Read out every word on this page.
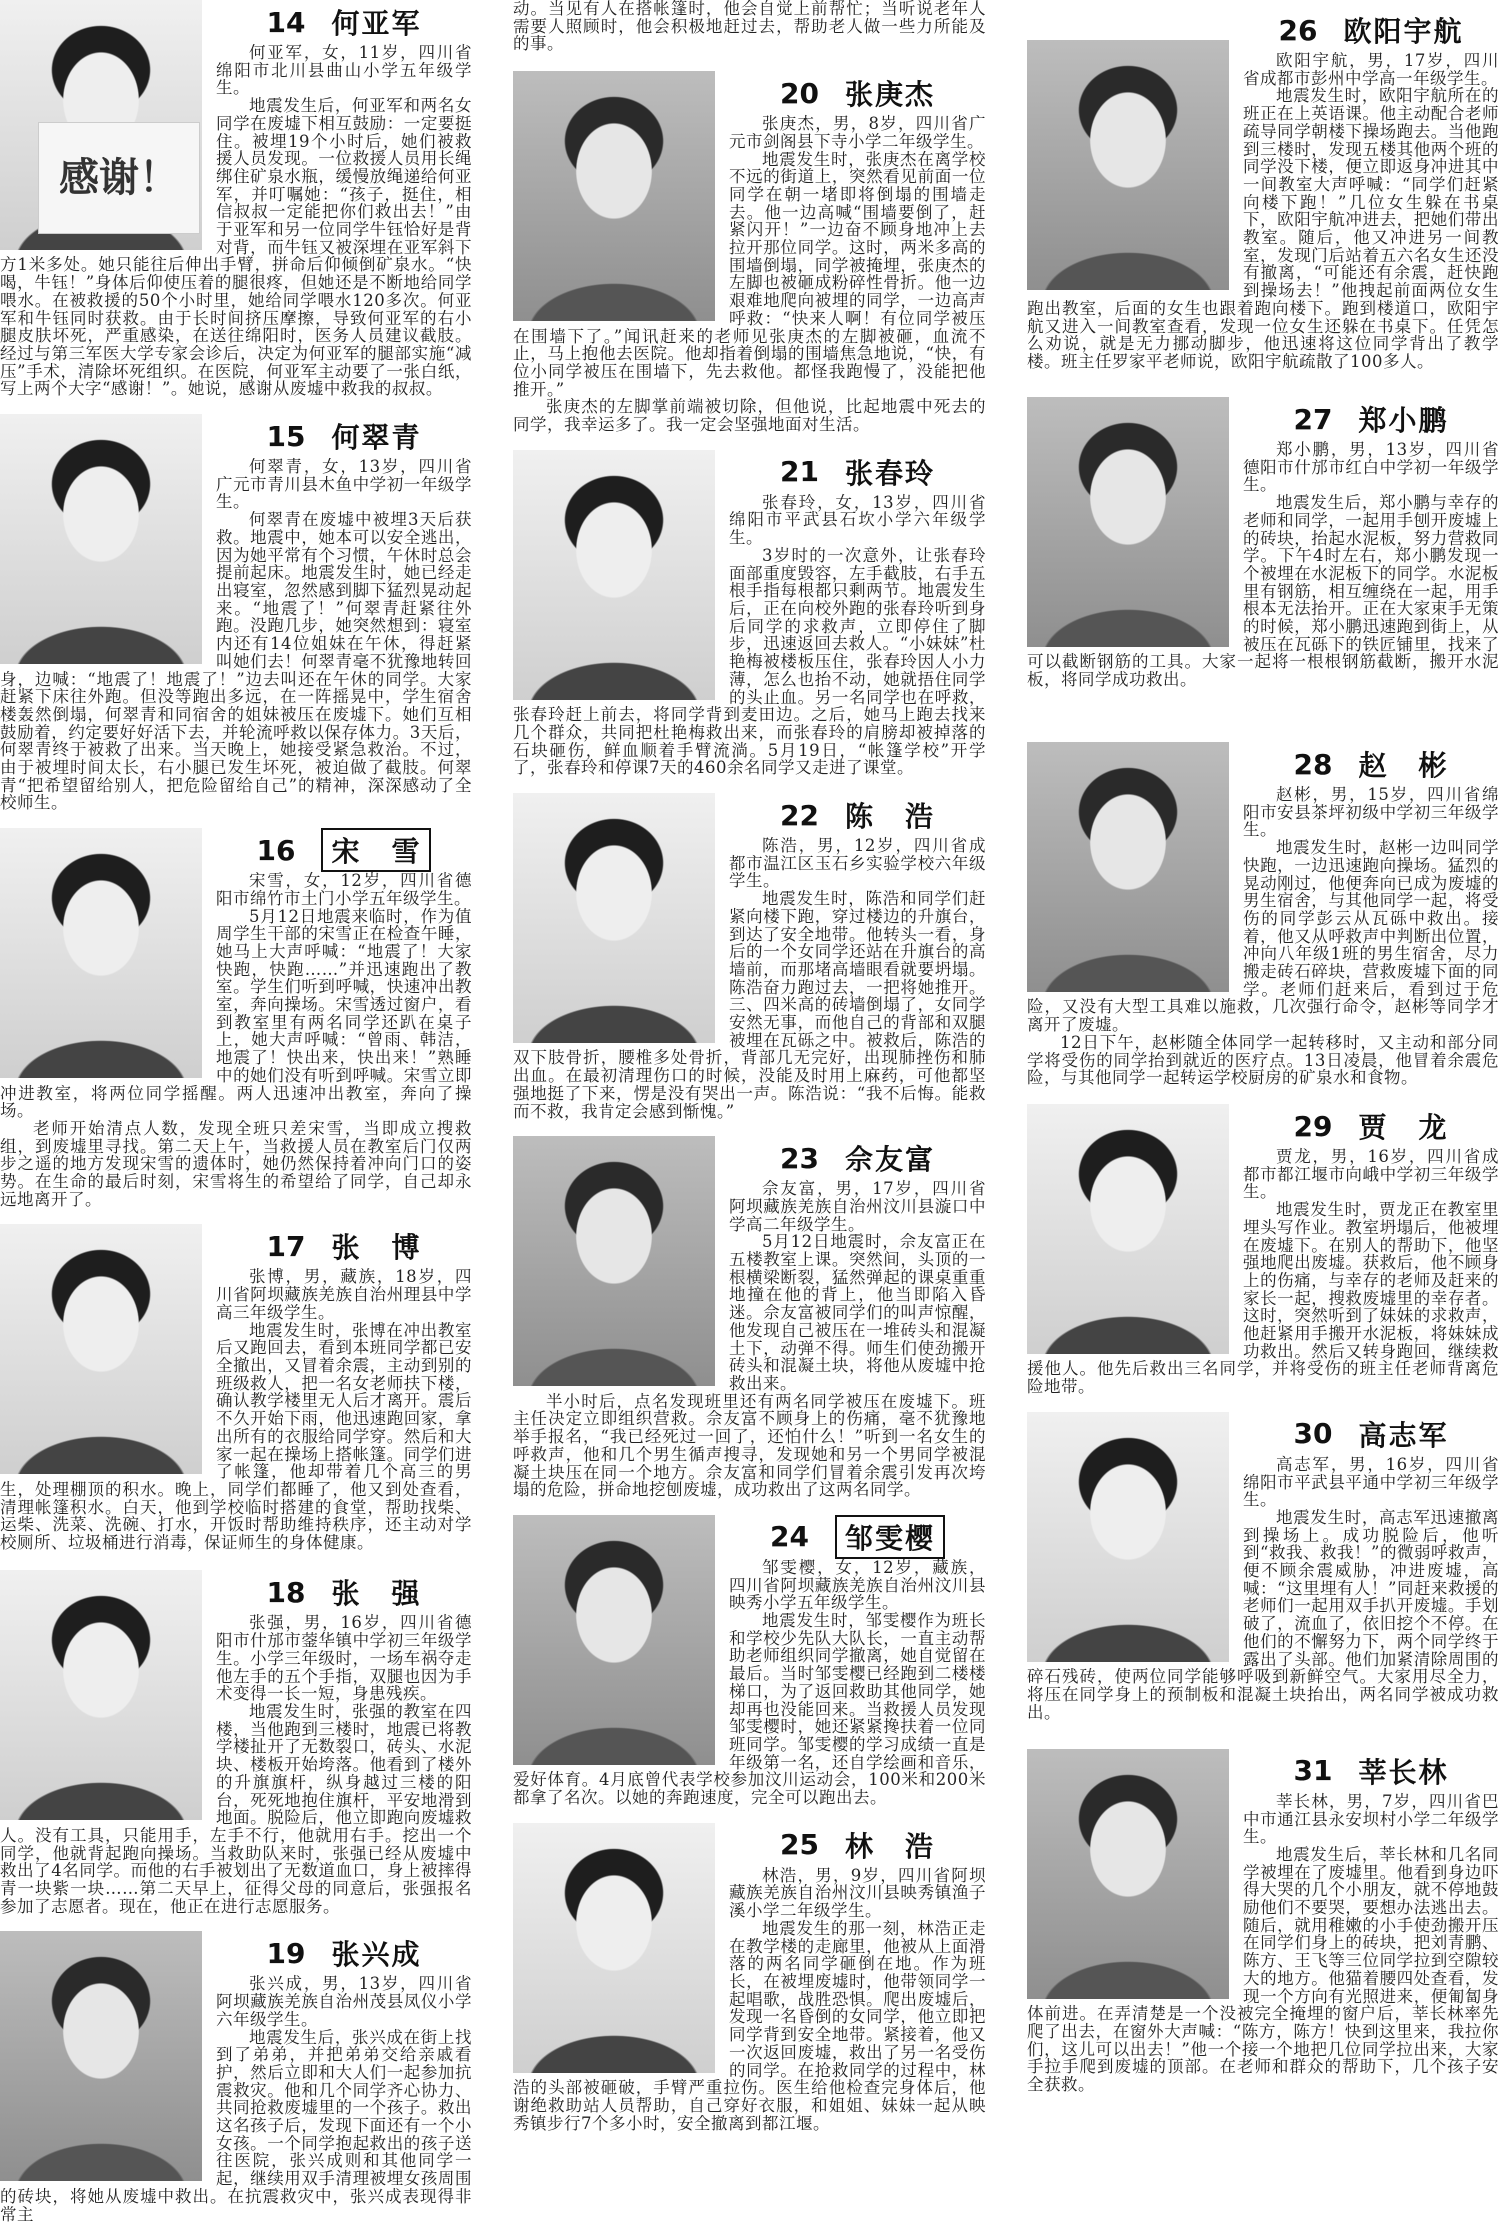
感谢！
14 何亚军

何亚军，女，11岁，四川省绵阳市北川县曲山小学五年级学生。

地震发生后，何亚军和两名女同学在废墟下相互鼓励：一定要挺住。被埋19个小时后，她们被救援人员发现。一位救援人员用长绳绑住矿泉水瓶，缓慢放绳递给何亚军，并叮嘱她：“孩子，挺住，相信叔叔一定能把你们救出去！”由于亚军和另一位同学牛钰恰好是背对背，而牛钰又被深埋在亚军斜下方1米多处。她只能往后伸出手臂，拼命后仰倾倒矿泉水。“快喝，牛钰！”身体后仰使压着的腿很疼，但她还是不断地给同学喂水。在被救援的50个小时里，她给同学喂水120多次。何亚军和牛钰同时获救。由于长时间挤压摩擦，导致何亚军的右小腿皮肤坏死，严重感染，在送往绵阳时，医务人员建议截肢。经过与第三军医大学专家会诊后，决定为何亚军的腿部实施“减压”手术，清除坏死组织。在医院，何亚军主动要了一张白纸，写上两个大字“感谢！”。她说，感谢从废墟中救我的叔叔。

15 何翠青

何翠青，女，13岁，四川省广元市青川县木鱼中学初一年级学生。

何翠青在废墟中被埋3天后获救。地震中，她本可以安全逃出，因为她平常有个习惯，午休时总会提前起床。地震发生时，她已经走出寝室，忽然感到脚下猛烈晃动起来。“地震了！”何翠青赶紧往外跑。没跑几步，她突然想到：寝室内还有14位姐妹在午休，得赶紧叫她们去！何翠青毫不犹豫地转回身，边喊：“地震了！地震了！”边去叫还在午休的同学。大家赶紧下床往外跑。但没等跑出多远，在一阵摇晃中，学生宿舍楼轰然倒塌，何翠青和同宿舍的姐妹被压在废墟下。她们互相鼓励着，约定要好好活下去，并轮流呼救以保存体力。3天后，何翠青终于被救了出来。当天晚上，她接受紧急救治。不过，由于被埋时间太长，右小腿已发生坏死，被迫做了截肢。何翠青“把希望留给别人，把危险留给自己”的精神，深深感动了全校师生。

16	宋　雪

宋雪，女，12岁，四川省德阳市绵竹市土门小学五年级学生。

5月12日地震来临时，作为值周学生干部的宋雪正在检查午睡，她马上大声呼喊：“地震了！大家快跑，快跑……”并迅速跑出了教室。学生们听到呼喊，快速冲出教室，奔向操场。宋雪透过窗户，看到教室里有两名同学还趴在桌子上，她大声呼喊：“曾雨、韩洁，地震了！快出来，快出来！”熟睡中的她们没有听到呼喊。宋雪立即冲进教室，将两位同学摇醒。两人迅速冲出教室，奔向了操场。

老师开始清点人数，发现全班只差宋雪，当即成立搜救组，到废墟里寻找。第二天上午，当救援人员在教室后门仅两步之遥的地方发现宋雪的遗体时，她仍然保持着冲向门口的姿势。在生命的最后时刻，宋雪将生的希望给了同学，自己却永远地离开了。

17 张　博

张博，男，藏族，18岁，四川省阿坝藏族羌族自治州理县中学高三年级学生。

地震发生时，张博在冲出教室后又跑回去，看到本班同学都已安全撤出，又冒着余震，主动到别的班级救人，把一名女老师扶下楼，确认教学楼里无人后才离开。震后不久开始下雨，他迅速跑回家，拿出所有的衣服给同学穿。然后和大家一起在操场上搭帐篷。同学们进了帐篷，他却带着几个高三的男生，处理棚顶的积水。晚上，同学们都睡了，他又到处查看，清理帐篷积水。白天，他到学校临时搭建的食堂，帮助找柴、运柴、洗菜、洗碗、打水，开饭时帮助维持秩序，还主动对学校厕所、垃圾桶进行消毒，保证师生的身体健康。

18 张　强

张强，男，16岁，四川省德阳市什邡市蓥华镇中学初三年级学生。小学三年级时，一场车祸夺走他左手的五个手指，双腿也因为手术变得一长一短，身患残疾。

地震发生时，张强的教室在四楼，当他跑到三楼时，地震已将教学楼扯开了无数裂口，砖头、水泥块、楼板开始垮落。他看到了楼外的升旗旗杆，纵身越过三楼的阳台，死死地抱住旗杆，平安地滑到地面。脱险后，他立即跑向废墟救人。没有工具，只能用手，左手不行，他就用右手。挖出一个同学，他就背起跑向操场。当救助队来时，张强已经从废墟中救出了4名同学。而他的右手被划出了无数道血口，身上被摔得青一块紫一块……第二天早上，征得父母的同意后，张强报名参加了志愿者。现在，他正在进行志愿服务。

19 张兴成

张兴成，男，13岁，四川省阿坝藏族羌族自治州茂县凤仪小学六年级学生。

地震发生后，张兴成在街上找到了弟弟，并把弟弟交给亲戚看护，然后立即和大人们一起参加抗震救灾。他和几个同学齐心协力、共同抢救废墟里的一个孩子。救出这名孩子后，发现下面还有一个小女孩。一个同学抱起救出的孩子送往医院，张兴成则和其他同学一起，继续用双手清理被埋女孩周围的砖块，将她从废墟中救出。在抗震救灾中，张兴成表现得非常主

动。当见有人在搭帐篷时，他会自觉上前帮忙；当听说老年人需要人照顾时，他会积极地赶过去，帮助老人做一些力所能及的事。

20 张庚杰

张庚杰，男，8岁，四川省广元市剑阁县下寺小学二年级学生。

地震发生时，张庚杰在离学校不远的街道上，突然看见前面一位同学在朝一堵即将倒塌的围墙走去。他一边高喊“围墙要倒了，赶紧闪开！”一边奋不顾身地冲上去拉开那位同学。这时，两米多高的围墙倒塌，同学被掩埋，张庚杰的左脚也被砸成粉碎性骨折。他一边艰难地爬向被埋的同学，一边高声呼救：“快来人啊！有位同学被压在围墙下了。”闻讯赶来的老师见张庚杰的左脚被砸，血流不止，马上抱他去医院。他却指着倒塌的围墙焦急地说，“快，有位小同学被压在围墙下，先去救他。都怪我跑慢了，没能把他推开。”

张庚杰的左脚掌前端被切除，但他说，比起地震中死去的同学，我幸运多了。我一定会坚强地面对生活。

21 张春玲

张春玲，女，13岁，四川省绵阳市平武县石坎小学六年级学生。

3岁时的一次意外，让张春玲面部重度毁容，左手截肢，右手五根手指每根都只剩两节。地震发生后，正在向校外跑的张春玲听到身后同学的求救声，立即停住了脚步，迅速返回去救人。“小妹妹”杜艳梅被楼板压住，张春玲因人小力薄，怎么也抬不动，她就捂住同学的头止血。另一名同学也在呼救，张春玲赶上前去，将同学背到麦田边。之后，她马上跑去找来几个群众，共同把杜艳梅救出来，而张春玲的肩膀却被掉落的石块砸伤，鲜血顺着手臂流淌。5月19日，“帐篷学校”开学了，张春玲和停课7天的460余名同学又走进了课堂。

22 陈　浩

陈浩，男，12岁，四川省成都市温江区玉石乡实验学校六年级学生。

地震发生时，陈浩和同学们赶紧向楼下跑，穿过楼边的升旗台，到达了安全地带。他转头一看，身后的一个女同学还站在升旗台的高墙前，而那堵高墙眼看就要坍塌。陈浩奋力跑过去，一把将她推开。三、四米高的砖墙倒塌了，女同学安然无事，而他自己的背部和双腿被埋在瓦砾之中。被救后，陈浩的双下肢骨折，腰椎多处骨折，背部几无完好，出现肺挫伤和肺出血。在最初清理伤口的时候，没能及时用上麻药，可他都坚强地挺了下来，愣是没有哭出一声。陈浩说：“我不后悔。能救而不救，我肯定会感到惭愧。”

23 佘友富

佘友富，男，17岁，四川省阿坝藏族羌族自治州汶川县漩口中学高二年级学生。

5月12日地震时，佘友富正在五楼教室上课。突然间，头顶的一根横梁断裂，猛然弹起的课桌重重地撞在他的背上，他当即陷入昏迷。佘友富被同学们的叫声惊醒，他发现自己被压在一堆砖头和混凝土下，动弹不得。师生们使劲搬开砖头和混凝土块，将他从废墟中抢救出来。

半小时后，点名发现班里还有两名同学被压在废墟下。班主任决定立即组织营救。佘友富不顾身上的伤痛，毫不犹豫地举手报名，“我已经死过一回了，还怕什么！”听到一名女生的呼救声，他和几个男生循声搜寻，发现她和另一个男同学被混凝土块压在同一个地方。佘友富和同学们冒着余震引发再次垮塌的危险，拼命地挖刨废墟，成功救出了这两名同学。

24	邹雯樱

邹雯樱，女，12岁，藏族，四川省阿坝藏族羌族自治州汶川县映秀小学五年级学生。

地震发生时，邹雯樱作为班长和学校少先队大队长，一直主动帮助老师组织同学撤离，她自觉留在最后。当时邹雯樱已经跑到二楼楼梯口，为了返回救助其他同学，她却再也没能回来。当救援人员发现邹雯樱时，她还紧紧搀扶着一位同班同学。邹雯樱的学习成绩一直是年级第一名，还自学绘画和音乐，爱好体育。4月底曾代表学校参加汶川运动会，100米和200米都拿了名次。以她的奔跑速度，完全可以跑出去。

25 林　浩

林浩，男，9岁，四川省阿坝藏族羌族自治州汶川县映秀镇渔子溪小学二年级学生。

地震发生的那一刻，林浩正走在教学楼的走廊里，他被从上面滑落的两名同学砸倒在地。作为班长，在被埋废墟时，他带领同学一起唱歌，战胜恐惧。爬出废墟后，发现一名昏倒的女同学，他立即把同学背到安全地带。紧接着，他又一次返回废墟，救出了另一名受伤的同学。在抢救同学的过程中，林浩的头部被砸破，手臂严重拉伤。医生给他检查完身体后，他谢绝救助站人员帮助，自己穿好衣服，和姐姐、妹妹一起从映秀镇步行7个多小时，安全撤离到都江堰。

26 欧阳宇航

欧阳宇航，男，17岁，四川省成都市彭州中学高一年级学生。

地震发生时，欧阳宇航所在的班正在上英语课。他主动配合老师疏导同学朝楼下操场跑去。当他跑到三楼时，发现五楼其他两个班的同学没下楼，便立即返身冲进其中一间教室大声呼喊：“同学们赶紧向楼下跑！”几位女生躲在书桌下，欧阳宇航冲进去，把她们带出教室。随后，他又冲进另一间教室，发现门后站着五六名女生还没有撤离，“可能还有余震，赶快跑到操场去！”他拽起前面两位女生跑出教室，后面的女生也跟着跑向楼下。跑到楼道口，欧阳宇航又进入一间教室查看，发现一位女生还躲在书桌下。任凭怎么劝说，就是无力挪动脚步，他迅速将这位同学背出了教学楼。班主任罗家平老师说，欧阳宇航疏散了100多人。

27 郑小鹏

郑小鹏，男，13岁，四川省德阳市什邡市红白中学初一年级学生。

地震发生后，郑小鹏与幸存的老师和同学，一起用手刨开废墟上的砖块，抬起水泥板，努力营救同学。下午4时左右，郑小鹏发现一个被埋在水泥板下的同学。水泥板里有钢筋，相互缠绕在一起，用手根本无法抬开。正在大家束手无策的时候，郑小鹏迅速跑到街上，从被压在瓦砾下的铁匠铺里，找来了可以截断钢筋的工具。大家一起将一根根钢筋截断，搬开水泥板，将同学成功救出。

28 赵　彬

赵彬，男，15岁，四川省绵阳市安县茶坪初级中学初三年级学生。

地震发生时，赵彬一边叫同学快跑，一边迅速跑向操场。猛烈的晃动刚过，他便奔向已成为废墟的男生宿舍，与其他同学一起，将受伤的同学彭云从瓦砾中救出。接着，他又从呼救声中判断出位置，冲向八年级1班的男生宿舍，尽力搬走砖石碎块，营救废墟下面的同学。老师们赶来后，看到过于危险，又没有大型工具难以施救，几次强行命令，赵彬等同学才离开了废墟。

12日下午，赵彬随全体同学一起转移时，又主动和部分同学将受伤的同学抬到就近的医疗点。13日凌晨，他冒着余震危险，与其他同学一起转运学校厨房的矿泉水和食物。

29 贾　龙

贾龙，男，16岁，四川省成都市都江堰市向峨中学初三年级学生。

地震发生时，贾龙正在教室里埋头写作业。教室坍塌后，他被埋在废墟下。在别人的帮助下，他坚强地爬出废墟。获救后，他不顾身上的伤痛，与幸存的老师及赶来的家长一起，搜救废墟里的幸存者。这时，突然听到了妹妹的求救声，他赶紧用手搬开水泥板，将妹妹成功救出。然后又转身跑回，继续救援他人。他先后救出三名同学，并将受伤的班主任老师背离危险地带。

30 高志军

高志军，男，16岁，四川省绵阳市平武县平通中学初三年级学生。

地震发生时，高志军迅速撤离到操场上。成功脱险后，他听到“救我、救我！”的微弱呼救声，便不顾余震威胁，冲进废墟，高喊：“这里埋有人！”同赶来救援的老师们一起用双手扒开废墟。手划破了，流血了，依旧挖个不停。在他们的不懈努力下，两个同学终于露出了头部。他们加紧清除周围的碎石残砖，使两位同学能够呼吸到新鲜空气。大家用尽全力，将压在同学身上的预制板和混凝土块抬出，两名同学被成功救出。

31 莘长林

莘长林，男，7岁，四川省巴中市通江县永安坝村小学二年级学生。

地震发生后，莘长林和几名同学被埋在了废墟里。他看到身边吓得大哭的几个小朋友，就不停地鼓励他们不要哭，要想办法逃出去。随后，就用稚嫩的小手使劲搬开压在同学们身上的砖块，把刘青鹏、陈方、王飞等三位同学拉到空隙较大的地方。他猫着腰四处查看，发现一个方向有光照进来，便匍匐身体前进。在弄清楚是一个没被完全掩埋的窗户后，莘长林率先爬了出去，在窗外大声喊：“陈方，陈方！快到这里来，我拉你们，这儿可以出去！”他一个接一个地把几位同学拉出来，大家手拉手爬到废墟的顶部。在老师和群众的帮助下，几个孩子安全获救。
